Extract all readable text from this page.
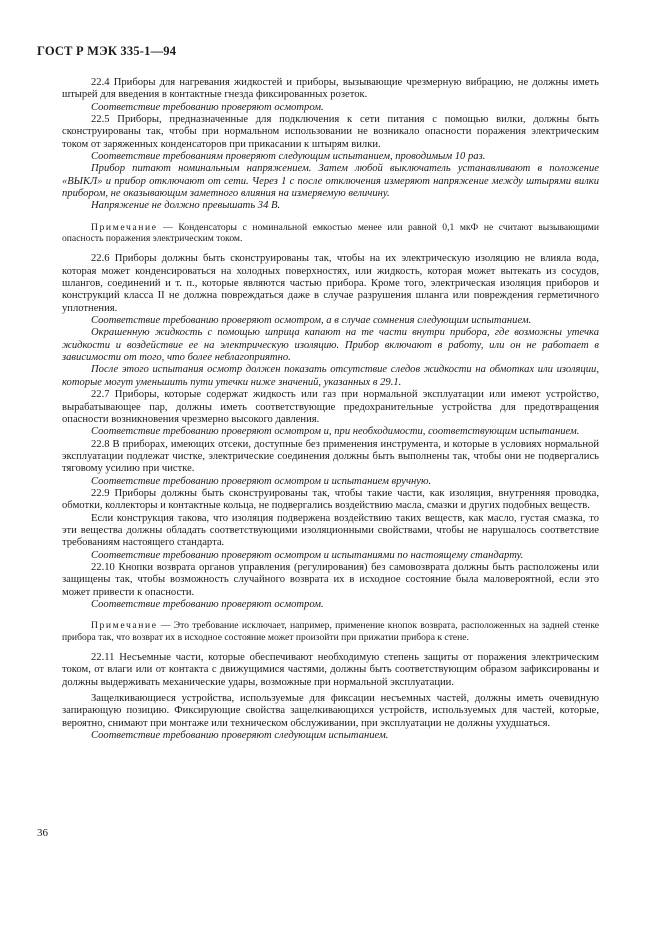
ГОСТ Р МЭК 335-1—94

22.4 Приборы для нагревания жидкостей и приборы, вызывающие чрезмерную вибрацию, не должны иметь штырей для введения в контактные гнезда фиксированных розеток.

Соответствие требованию проверяют осмотром.

22.5 Приборы, предназначенные для подключения к сети питания с помощью вилки, должны быть сконструированы так, чтобы при нормальном использовании не возникало опасности поражения электрическим током от заряженных конденсаторов при прикасании к штырям вилки.

Соответствие требованиям проверяют следующим испытанием, проводимым 10 раз.

Прибор питают номинальным напряжением. Затем любой выключатель устанавливают в положение «ВЫКЛ» и прибор отключают от сети. Через 1 с после отключения измеряют напряжение между штырями вилки прибором, не оказывающим заметного влияния на измеряемую величину.

Напряжение не должно превышать 34 В.

Примечание — Конденсаторы с номинальной емкостью менее или равной 0,1 мкФ не считают вызывающими опасность поражения электрическим током.

22.6 Приборы должны быть сконструированы так, чтобы на их электрическую изоляцию не влияла вода, которая может конденсироваться на холодных поверхностях, или жидкость, которая может вытекать из сосудов, шлангов, соединений и т. п., которые являются частью прибора. Кроме того, электрическая изоляция приборов и конструкций класса II не должна повреждаться даже в случае разрушения шланга или повреждения герметичного уплотнения.

Соответствие требованию проверяют осмотром, а в случае сомнения следующим испытанием.

Окрашенную жидкость с помощью шприца капают на те части внутри прибора, где возможны утечка жидкости и воздействие ее на электрическую изоляцию. Прибор включают в работу, или он не работает в зависимости от того, что более неблагоприятно.

После этого испытания осмотр должен показать отсутствие следов жидкости на обмотках или изоляции, которые могут уменьшить пути утечки ниже значений, указанных в 29.1.

22.7 Приборы, которые содержат жидкость или газ при нормальной эксплуатации или имеют устройство, вырабатывающее пар, должны иметь соответствующие предохранительные устройства для предотвращения опасности возникновения чрезмерно высокого давления.

Соответствие требованию проверяют осмотром и, при необходимости, соответствующим испытанием.

22.8 В приборах, имеющих отсеки, доступные без применения инструмента, и которые в условиях нормальной эксплуатации подлежат чистке, электрические соединения должны быть выполнены так, чтобы они не подвергались тяговому усилию при чистке.

Соответствие требованию проверяют осмотром и испытанием вручную.

22.9 Приборы должны быть сконструированы так, чтобы такие части, как изоляция, внутренняя проводка, обмотки, коллекторы и контактные кольца, не подвергались воздействию масла, смазки и других подобных веществ.

Если конструкция такова, что изоляция подвержена воздействию таких веществ, как масло, густая смазка, то эти вещества должны обладать соответствующими изоляционными свойствами, чтобы не нарушалось соответствие требованиям настоящего стандарта.

Соответствие требованию проверяют осмотром и испытаниями по настоящему стандарту.

22.10 Кнопки возврата органов управления (регулирования) без самовозврата должны быть расположены или защищены так, чтобы возможность случайного возврата их в исходное состояние была маловероятной, если это может привести к опасности.

Соответствие требованию проверяют осмотром.

Примечание — Это требование исключает, например, применение кнопок возврата, расположенных на задней стенке прибора так, что возврат их в исходное состояние может произойти при прижатии прибора к стене.

22.11 Несъемные части, которые обеспечивают необходимую степень защиты от поражения электрическим током, от влаги или от контакта с движущимися частями, должны быть соответствующим образом зафиксированы и должны выдерживать механические удары, возможные при нормальной эксплуатации.

Защелкивающиеся устройства, используемые для фиксации несъемных частей, должны иметь очевидную запирающую позицию. Фиксирующие свойства защелкивающихся устройств, используемых для частей, которые, вероятно, снимают при монтаже или техническом обслуживании, при эксплуатации не должны ухудшаться.

Соответствие требованию проверяют следующим испытанием.

36
